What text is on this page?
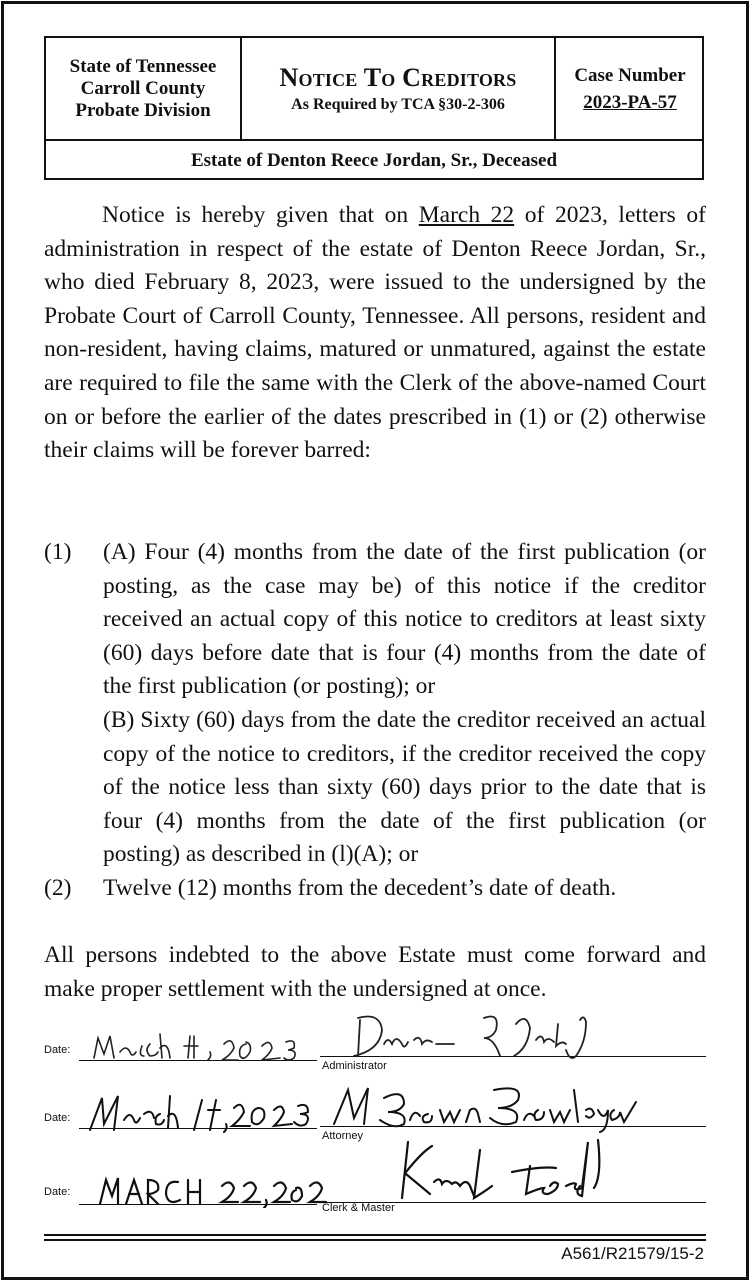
State of Tennessee
Carroll County
Probate Division
Notice To Creditors
As Required by TCA §30-2-306
Case Number
2023-PA-57
Estate of Denton Reece Jordan, Sr., Deceased
Notice is hereby given that on March 22 of 2023, letters of administration in respect of the estate of Denton Reece Jordan, Sr., who died February 8, 2023, were issued to the undersigned by the Probate Court of Carroll County, Tennessee. All persons, resident and non-resident, having claims, matured or unmatured, against the estate are required to file the same with the Clerk of the above-named Court on or before the earlier of the dates prescribed in (1) or (2) otherwise their claims will be forever barred:
(1) (A) Four (4) months from the date of the first publication (or posting, as the case may be) of this notice if the creditor received an actual copy of this notice to creditors at least sixty (60) days before date that is four (4) months from the date of the first publication (or posting); or
(B) Sixty (60) days from the date the creditor received an actual copy of the notice to creditors, if the creditor received the copy of the notice less than sixty (60) days prior to the date that is four (4) months from the date of the first publication (or posting) as described in (l)(A); or
(2) Twelve (12) months from the decedent’s date of death.
All persons indebted to the above Estate must come forward and make proper settlement with the undersigned at once.
Date:
Administrator
Date:
Attorney
Date:
Clerk & Master
A561/R21579/15-2
